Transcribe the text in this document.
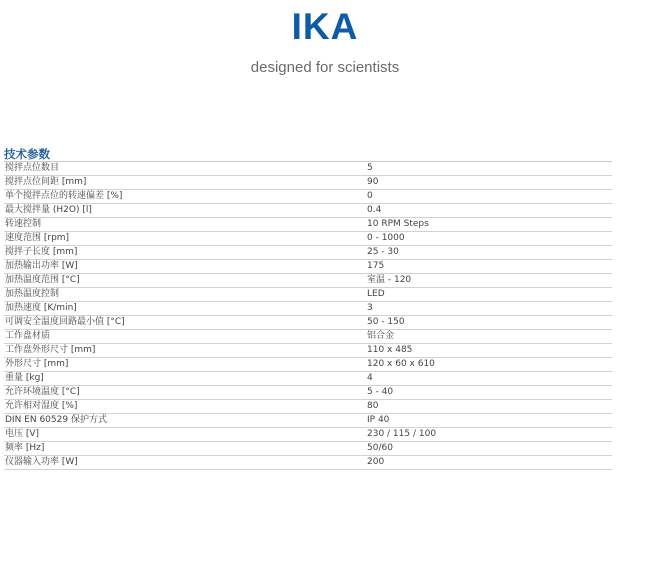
IKA
designed for scientists
技术参数
搅拌点位数目	5
搅拌点位间距 [mm]	90
单个搅拌点位的转速偏差 [%]	0
最大搅拌量 (H2O) [l]	0.4
转速控制	10 RPM Steps
速度范围 [rpm]	0 - 1000
搅拌子长度 [mm]	25 - 30
加热输出功率 [W]	175
加热温度范围 [°C]	室温 - 120
加热温度控制	LED
加热速度 [K/min]	3
可调安全温度回路最小值 [°C]	50 - 150
工作盘材质	铝合金
工作盘外形尺寸 [mm]	110 x 485
外形尺寸 [mm]	120 x 60 x 610
重量 [kg]	4
允许环境温度 [°C]	5 - 40
允许相对湿度 [%]	80
DIN EN 60529 保护方式	IP 40
电压 [V]	230 / 115 / 100
频率 [Hz]	50/60
仪器输入功率 [W]	200
